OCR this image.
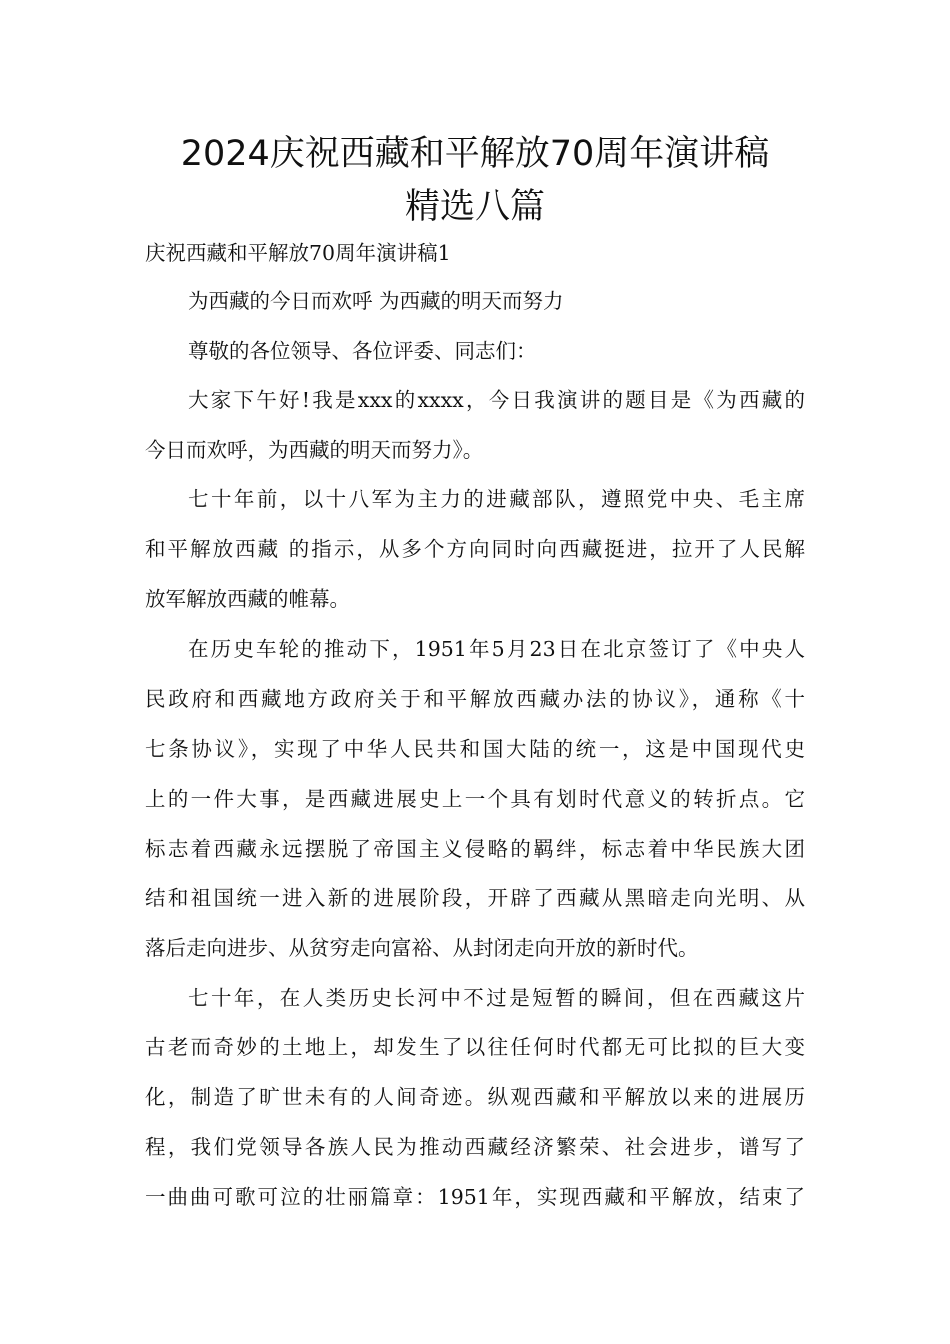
2024庆祝西藏和平解放70周年演讲稿
精选八篇
庆祝西藏和平解放70周年演讲稿1
为西藏的今日而欢呼 为西藏的明天而努力
尊敬的各位领导、各位评委、同志们：
大家下午好!我是xxx的xxxx，今日我演讲的题目是《为西藏的
今日而欢呼，为西藏的明天而努力》。
七十年前，以十八军为主力的进藏部队，遵照党中央、毛主席
和平解放西藏 的指示，从多个方向同时向西藏挺进，拉开了人民解
放军解放西藏的帷幕。
在历史车轮的推动下，1951年5月23日在北京签订了《中央人
民政府和西藏地方政府关于和平解放西藏办法的协议》，通称《十
七条协议》，实现了中华人民共和国大陆的统一，这是中国现代史
上的一件大事，是西藏进展史上一个具有划时代意义的转折点。它
标志着西藏永远摆脱了帝国主义侵略的羁绊，标志着中华民族大团
结和祖国统一进入新的进展阶段，开辟了西藏从黑暗走向光明、从
落后走向进步、从贫穷走向富裕、从封闭走向开放的新时代。
七十年，在人类历史长河中不过是短暂的瞬间，但在西藏这片
古老而奇妙的土地上，却发生了以往任何时代都无可比拟的巨大变
化，制造了旷世未有的人间奇迹。纵观西藏和平解放以来的进展历
程，我们党领导各族人民为推动西藏经济繁荣、社会进步，谱写了
一曲曲可歌可泣的壮丽篇章：1951年，实现西藏和平解放，结束了
